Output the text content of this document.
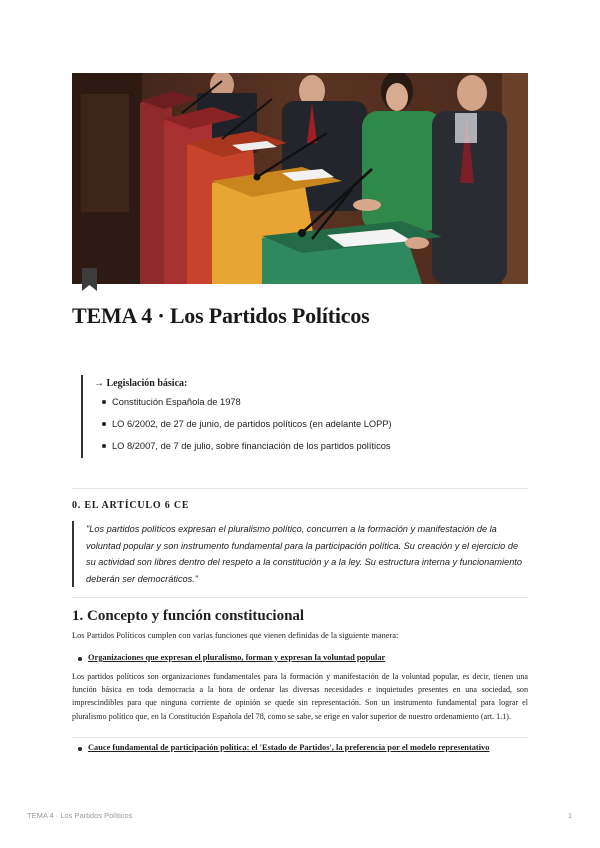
TEMA 4 · Los Partidos Políticos
→ Legislación básica:
Constitución Española de 1978
LO 6/2002, de 27 de junio, de partidos políticos (en adelante LOPP)
LO 8/2007, de 7 de julio, sobre financiación de los partidos políticos
0. EL ARTÍCULO 6 CE
"Los partidos políticos expresan el pluralismo político, concurren a la formación y manifestación de la voluntad popular y son instrumento fundamental para la participación política. Su creación y el ejercicio de su actividad son libres dentro del respeto a la constitución y a la ley. Su estructura interna y funcionamiento deberán ser democráticos."
1. Concepto y función constitucional
Los Partidos Políticos cumplen con varias funciones que vienen definidas de la siguiente manera:
Organizaciones que expresan el pluralismo, forman y expresan la voluntad popular
Los partidos políticos son organizaciones fundamentales para la formación y manifestación de la voluntad popular, es decir, tienen una función básica en toda democracia a la hora de ordenar las diversas necesidades e inquietudes presentes en una sociedad, son imprescindibles para que ninguna corriente de opinión se quede sin representación. Son un instrumento fundamental para lograr el pluralismo político que, en la Constitución Española del 78, como se sabe, se erige en valor superior de nuestro ordenamiento (art. 1.1).
Cauce fundamental de participación política: el 'Estado de Partidos', la preferencia por el modelo representativo
TEMA 4 · Los Partidos Políticos	1
